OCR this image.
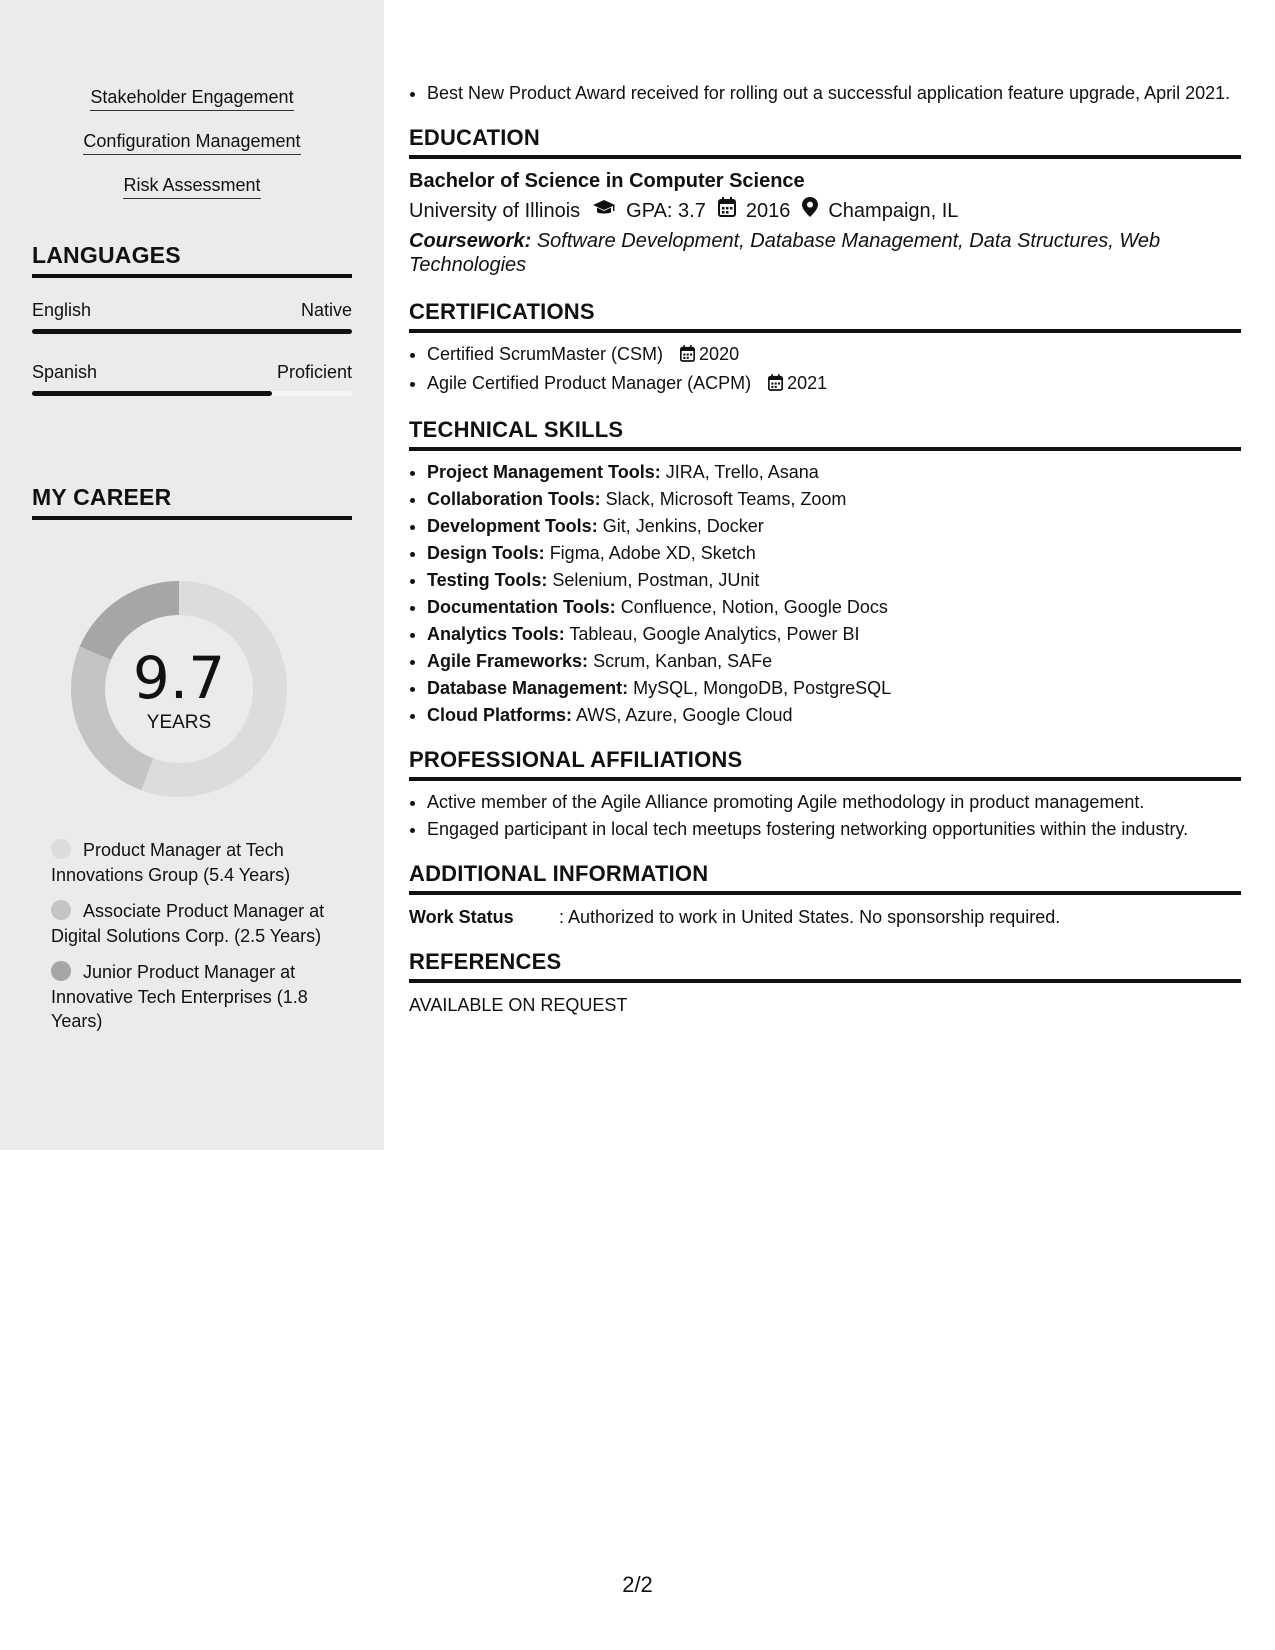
Stakeholder Engagement
Configuration Management
Risk Assessment
LANGUAGES
English	Native
Spanish	Proficient
MY CAREER
9.7
YEARS
Product Manager at Tech Innovations Group (5.4 Years)
Associate Product Manager at Digital Solutions Corp. (2.5 Years)
Junior Product Manager at Innovative Tech Enterprises (1.8 Years)
• Best New Product Award received for rolling out a successful application feature upgrade, April 2021.
EDUCATION
Bachelor of Science in Computer Science
University of Illinois GPA: 3.7 2016 Champaign, IL
Coursework: Software Development, Database Management, Data Structures, Web Technologies
CERTIFICATIONS
• Certified ScrumMaster (CSM) 2020
• Agile Certified Product Manager (ACPM) 2021
TECHNICAL SKILLS
• Project Management Tools: JIRA, Trello, Asana
• Collaboration Tools: Slack, Microsoft Teams, Zoom
• Development Tools: Git, Jenkins, Docker
• Design Tools: Figma, Adobe XD, Sketch
• Testing Tools: Selenium, Postman, JUnit
• Documentation Tools: Confluence, Notion, Google Docs
• Analytics Tools: Tableau, Google Analytics, Power BI
• Agile Frameworks: Scrum, Kanban, SAFe
• Database Management: MySQL, MongoDB, PostgreSQL
• Cloud Platforms: AWS, Azure, Google Cloud
PROFESSIONAL AFFILIATIONS
• Active member of the Agile Alliance promoting Agile methodology in product management.
• Engaged participant in local tech meetups fostering networking opportunities within the industry.
ADDITIONAL INFORMATION
Work Status	: Authorized to work in United States. No sponsorship required.
REFERENCES
AVAILABLE ON REQUEST
2/2
